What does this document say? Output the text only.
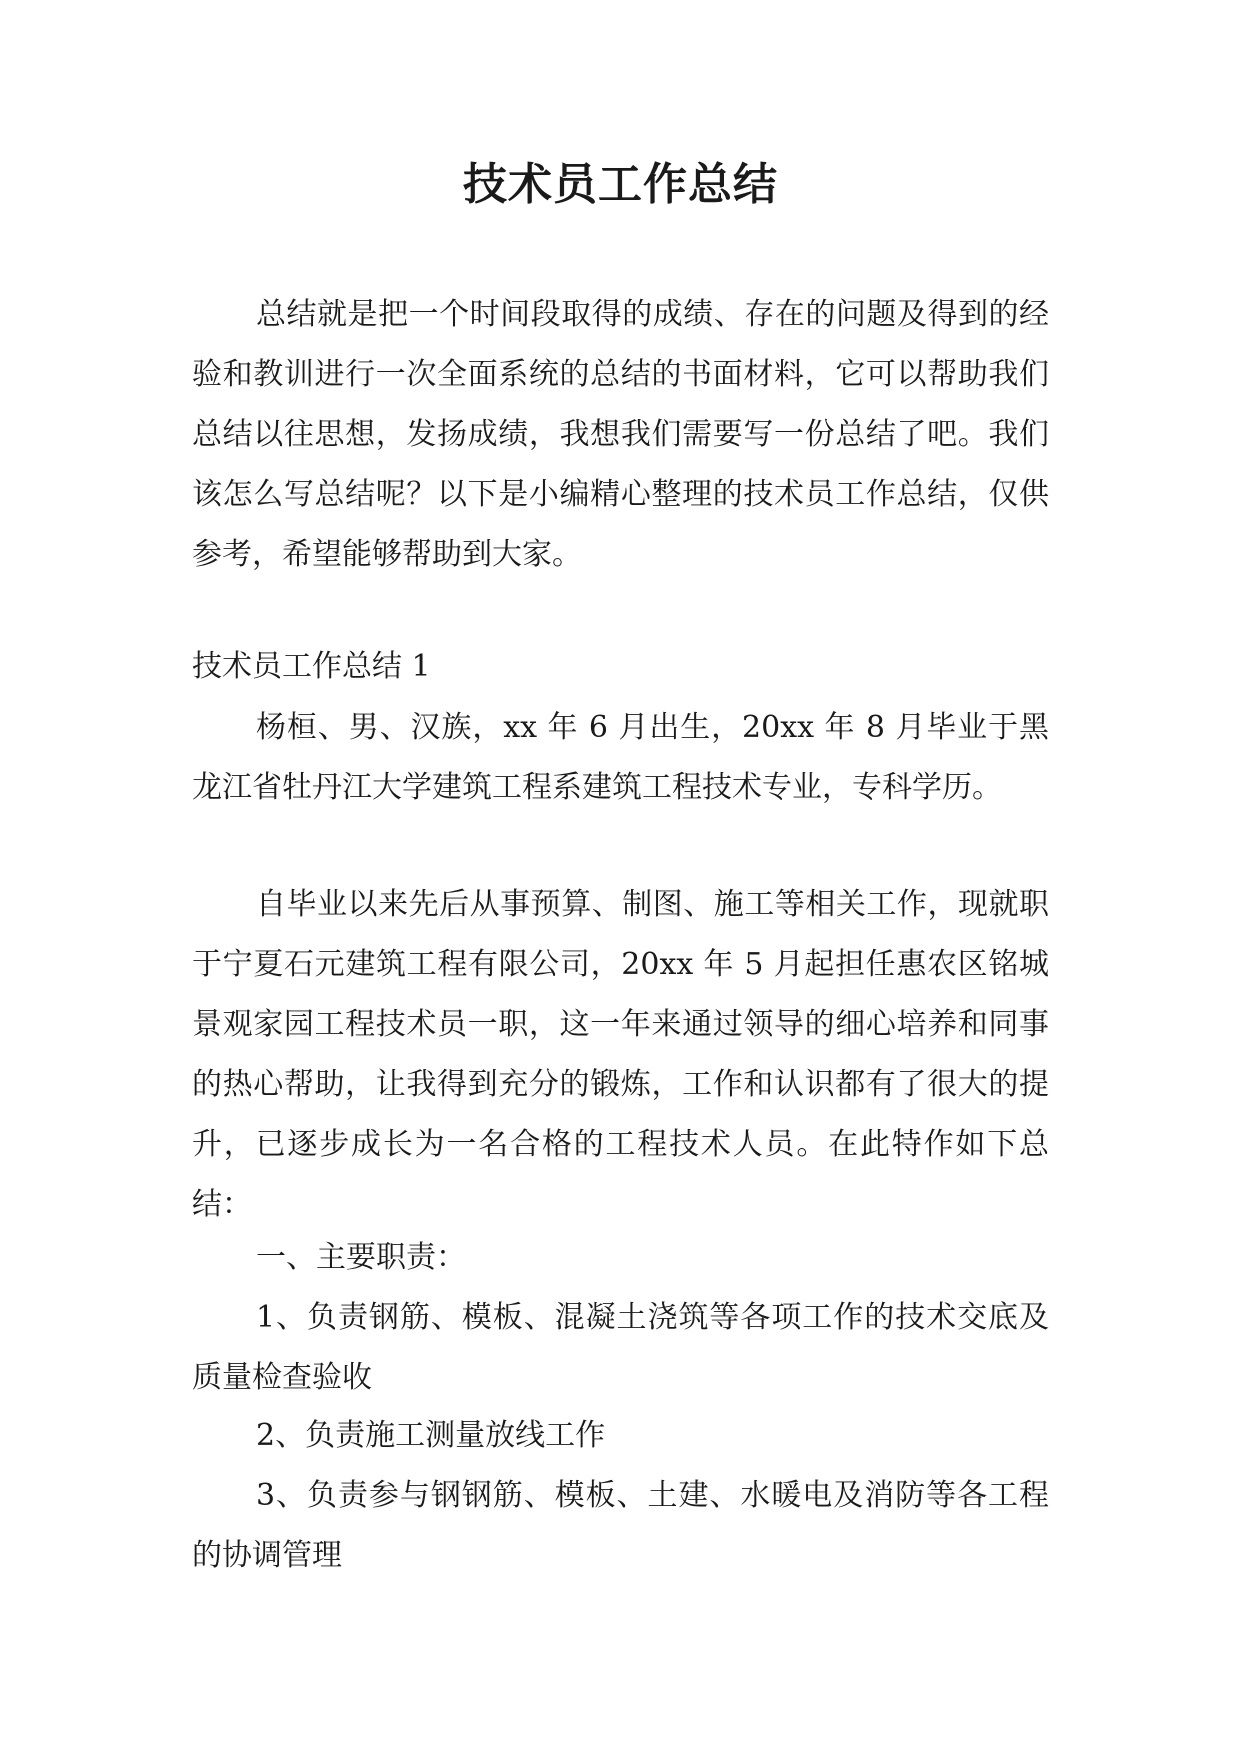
技术员工作总结

总结就是把一个时间段取得的成绩、存在的问题及得到的经验和教训进行一次全面系统的总结的书面材料，它可以帮助我们总结以往思想，发扬成绩，我想我们需要写一份总结了吧。我们该怎么写总结呢？以下是小编精心整理的技术员工作总结，仅供参考，希望能够帮助到大家。

技术员工作总结 1

杨桓、男、汉族，xx 年 6 月出生，20xx 年 8 月毕业于黑龙江省牡丹江大学建筑工程系建筑工程技术专业，专科学历。

自毕业以来先后从事预算、制图、施工等相关工作，现就职于宁夏石元建筑工程有限公司，20xx 年 5 月起担任惠农区铭城景观家园工程技术员一职，这一年来通过领导的细心培养和同事的热心帮助，让我得到充分的锻炼，工作和认识都有了很大的提升，已逐步成长为一名合格的工程技术人员。在此特作如下总结：

一、主要职责：

1、负责钢筋、模板、混凝土浇筑等各项工作的技术交底及质量检查验收

2、负责施工测量放线工作

3、负责参与钢钢筋、模板、土建、水暖电及消防等各工程的协调管理
